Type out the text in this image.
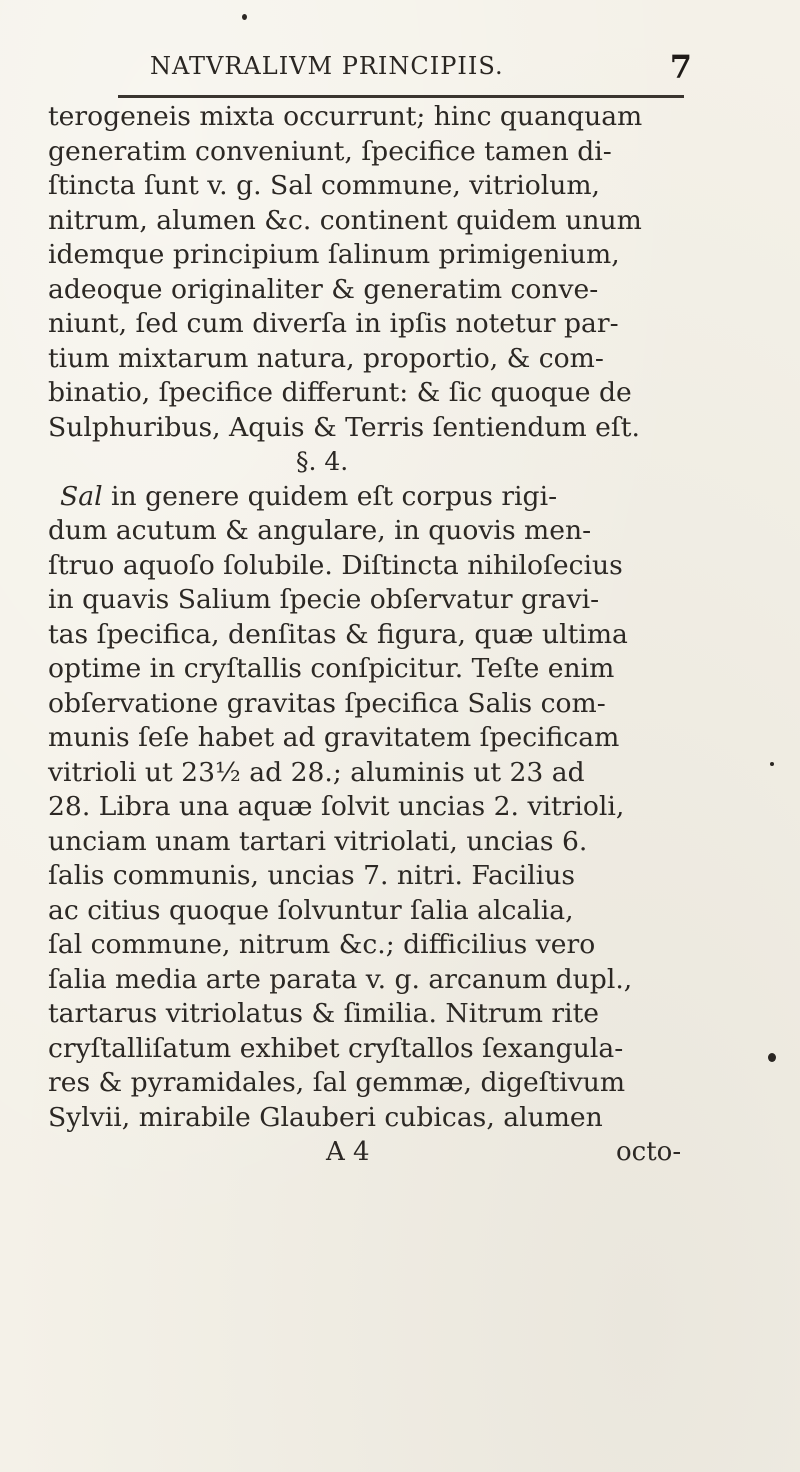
NATVRALIVM PRINCIPIIS.	7
terogeneis mixta occurrunt; hinc quanquam
generatim conveniunt, ſpecifice tamen di-
ſtincta ſunt v. g. Sal commune, vitriolum,
nitrum, alumen &c. continent quidem unum
idemque principium ſalinum primigenium,
adeoque originaliter & generatim conve-
niunt, ſed cum diverſa in ipſis notetur par-
tium mixtarum natura, proportio, & com-
binatio, ſpecifice differunt: & ſic quoque de
Sulphuribus, Aquis & Terris ſentiendum eſt.
§. 4.
Sal in genere quidem eſt corpus rigi-
dum acutum & angulare, in quovis men-
ſtruo aquoſo ſolubile. Diſtincta nihiloſecius
in quavis Salium ſpecie obſervatur gravi-
tas ſpecifica, denſitas & figura, quæ ultima
optime in cryſtallis conſpicitur. Teſte enim
obſervatione gravitas ſpecifica Salis com-
munis ſeſe habet ad gravitatem ſpecificam
vitrioli ut 23½ ad 28.; aluminis ut 23 ad
28. Libra una aquæ ſolvit uncias 2. vitrioli,
unciam unam tartari vitriolati, uncias 6.
ſalis communis, uncias 7. nitri. Facilius
ac citius quoque ſolvuntur ſalia alcalia,
ſal commune, nitrum &c.; difficilius vero
ſalia media arte parata v. g. arcanum dupl.,
tartarus vitriolatus & ſimilia. Nitrum rite
cryſtalliſatum exhibet cryſtallos ſexangula-
res & pyramidales, ſal gemmæ, digeſtivum
Sylvii, mirabile Glauberi cubicas, alumen
A 4	octo-
